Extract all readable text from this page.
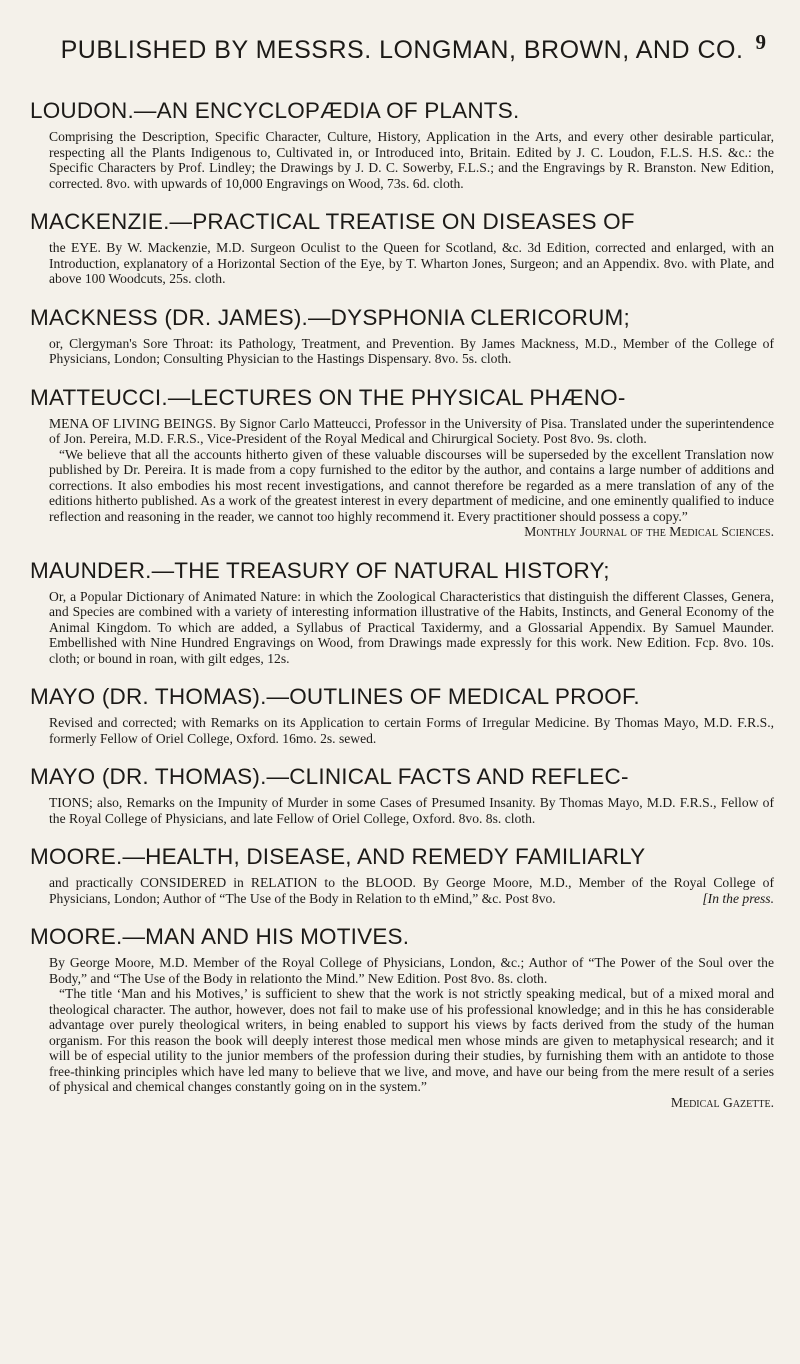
PUBLISHED BY MESSRS. LONGMAN, BROWN, AND CO. 9
LOUDON.—AN ENCYCLOPÆDIA OF PLANTS.

Comprising the Description, Specific Character, Culture, History, Application in the Arts, and every other desirable particular, respecting all the Plants Indigenous to, Cultivated in, or Introduced into, Britain. Edited by J. C. Loudon, F.L.S. H.S. &c.: the Specific Characters by Prof. Lindley; the Drawings by J. D. C. Sowerby, F.L.S.; and the Engravings by R. Branston. New Edition, corrected. 8vo. with upwards of 10,000 Engravings on Wood, 73s. 6d. cloth.

MACKENZIE.—PRACTICAL TREATISE ON DISEASES OF

the EYE. By W. Mackenzie, M.D. Surgeon Oculist to the Queen for Scotland, &c. 3d Edition, corrected and enlarged, with an Introduction, explanatory of a Horizontal Section of the Eye, by T. Wharton Jones, Surgeon; and an Appendix. 8vo. with Plate, and above 100 Woodcuts, 25s. cloth.

MACKNESS (DR. JAMES).—DYSPHONIA CLERICORUM;

or, Clergyman's Sore Throat: its Pathology, Treatment, and Prevention. By James Mackness, M.D., Member of the College of Physicians, London; Consulting Physician to the Hastings Dispensary. 8vo. 5s. cloth.

MATTEUCCI.—LECTURES ON THE PHYSICAL PHÆNO-

MENA OF LIVING BEINGS. By Signor Carlo Matteucci, Professor in the University of Pisa. Translated under the superintendence of Jon. Pereira, M.D. F.R.S., Vice-President of the Royal Medical and Chirurgical Society. Post 8vo. 9s. cloth.

“We believe that all the accounts hitherto given of these valuable discourses will be superseded by the excellent Translation now published by Dr. Pereira. It is made from a copy furnished to the editor by the author, and contains a large number of additions and corrections. It also embodies his most recent investigations, and cannot therefore be regarded as a mere translation of any of the editions hitherto published. As a work of the greatest interest in every department of medicine, and one eminently qualified to induce reflection and reasoning in the reader, we cannot too highly recommend it. Every practitioner should possess a copy.”

Monthly Journal of the Medical Sciences.

MAUNDER.—THE TREASURY OF NATURAL HISTORY;

Or, a Popular Dictionary of Animated Nature: in which the Zoological Characteristics that distinguish the different Classes, Genera, and Species are combined with a variety of interesting information illustrative of the Habits, Instincts, and General Economy of the Animal Kingdom. To which are added, a Syllabus of Practical Taxidermy, and a Glossarial Appendix. By Samuel Maunder. Embellished with Nine Hundred Engravings on Wood, from Drawings made expressly for this work. New Edition. Fcp. 8vo. 10s. cloth; or bound in roan, with gilt edges, 12s.

MAYO (DR. THOMAS).—OUTLINES OF MEDICAL PROOF.

Revised and corrected; with Remarks on its Application to certain Forms of Irregular Medicine. By Thomas Mayo, M.D. F.R.S., formerly Fellow of Oriel College, Oxford. 16mo. 2s. sewed.

MAYO (DR. THOMAS).—CLINICAL FACTS AND REFLEC-

TIONS; also, Remarks on the Impunity of Murder in some Cases of Presumed Insanity. By Thomas Mayo, M.D. F.R.S., Fellow of the Royal College of Physicians, and late Fellow of Oriel College, Oxford. 8vo. 8s. cloth.

MOORE.—HEALTH, DISEASE, AND REMEDY FAMILIARLY

and practically CONSIDERED in RELATION to the BLOOD. By George Moore, M.D., Member of the Royal College of Physicians, London; Author of “The Use of the Body in Relation to th eMind,” &c. Post 8vo.	[In the press.

MOORE.—MAN AND HIS MOTIVES.

By George Moore, M.D. Member of the Royal College of Physicians, London, &c.; Author of “The Power of the Soul over the Body,” and “The Use of the Body in relationto the Mind.” New Edition. Post 8vo. 8s. cloth.

“The title ‘Man and his Motives,’ is sufficient to shew that the work is not strictly speaking medical, but of a mixed moral and theological character. The author, however, does not fail to make use of his professional knowledge; and in this he has considerable advantage over purely theological writers, in being enabled to support his views by facts derived from the study of the human organism. For this reason the book will deeply interest those medical men whose minds are given to metaphysical research; and it will be of especial utility to the junior members of the profession during their studies, by furnishing them with an antidote to those free-thinking principles which have led many to believe that we live, and move, and have our being from the mere result of a series of physical and chemical changes constantly going on in the system.”

Medical Gazette.
